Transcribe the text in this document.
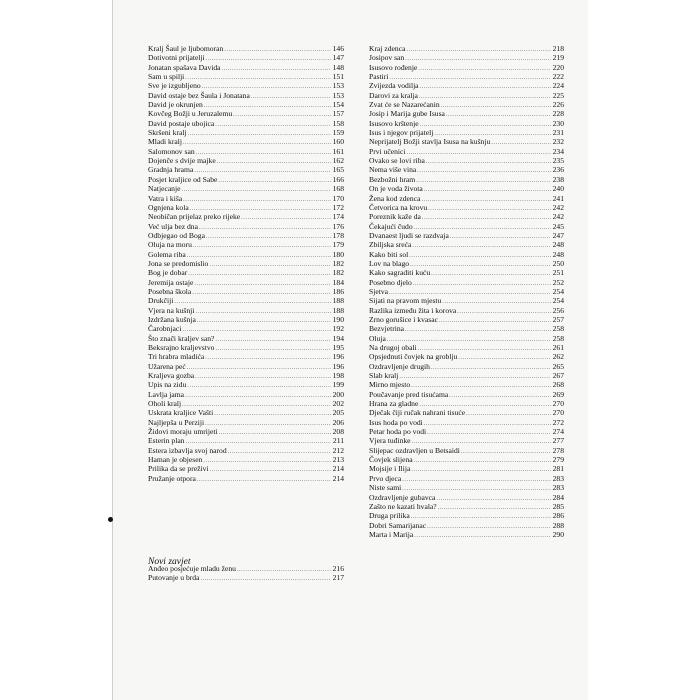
Kralj Šaul je ljubomoran .....	146
Dotivotni prijatelji .....	147
Jonatan spašava Davida .....	148
Sam u spilji .....	151
Sve je izgubljeno .....	153
David ostaje bez Šaula i Jonatana .....	153
David je okrunjen .....	154
Kovčeg Božji u Jeruzalemu .....	157
David postaje ubojica .....	158
Skršeni kralj .....	159
Mladi kralj .....	160
Salomonov san .....	161
Dojenče s dvije majke .....	162
Gradnja hrama .....	165
Posjet kraljice od Sabe .....	166
Natjecanje .....	168
Vatra i kiša .....	170
Ognjena kola .....	172
Neobičan prijelaz preko rijeke .....	174
Već ulja bez dna .....	176
Odbjegao od Boga .....	178
Oluja na moru .....	179
Golema riba .....	180
Jona se predomislio .....	182
Bog je dobar .....	182
Jeremija ostaje .....	184
Posebna škola .....	186
Drukčiji .....	188
Vjera na kušnji .....	188
Izdržana kušnja .....	190
Čarobnjaci .....	192
Što znači kraljev san? .....	194
Beksrajno kraljevstvo .....	195
Tri hrabra mladića .....	196
Užarena peć .....	196
Kraljeva gozba .....	198
Upis na zidu .....	199
Lavlja jama .....	200
Oholi kralj .....	202
Uskrata kraljice Vašti .....	205
Najljepša u Perziji .....	206
Židovi moraju umrijeti .....	208
Esterin plan .....	211
Estera izbavlja svoj narod .....	212
Haman je objesen .....	213
Prilika da se preživi .....	214
Pružanje otpora .....	214
Novi zavjet
Anđeo posjećuje mladu ženu .....	216
Putovanje u brda .....	217
Kraj zdenca .....	218
Josipov san .....	219
Isusovo rođenje .....	220
Pastiri .....	222
Zvijezda vodilja .....	224
Darovi za kralja .....	225
Zvat će se Nazarećanin .....	226
Josip i Marija gube Isusa .....	228
Isusovo krštenje .....	230
Isus i njegov prijatelj .....	231
Neprijatelj Božji stavlja Isusa na kušnju .....	232
Prvi učenici .....	234
Ovako se lovi riba .....	235
Nema više vina .....	236
Bezbožni hram .....	238
On je voda života .....	240
Žena kod zdenca .....	241
Četvorica na krovu .....	242
Poreznik kaže da .....	242
Čekajući čudo .....	245
Dvanaest ljudi se razdvaja .....	247
Zbiljska sreća .....	248
Kako biti sol .....	248
Lov na blago .....	250
Kako sagraditi kuću .....	251
Posebno djelo .....	252
Sjetva .....	254
Sijati na pravom mjestu .....	254
Razlika između žita i korova .....	256
Zrno gorušice i kvasac .....	257
Bezvjetrina .....	258
Oluja .....	258
Na drugoj obali .....	261
Opsjednuti čovjek na groblju .....	262
Ozdravljenje drugih .....	265
Slab kralj .....	267
Mirno mjesto .....	268
Poučavanje pred tisućama .....	269
Hrana za gladne .....	270
Dječak čiji ručak nahrani tisuće .....	270
Isus hoda po vodi .....	272
Petar hoda po vodi .....	274
Vjera tuđinke .....	277
Slijepac ozdravljen u Betsaidi .....	278
Čovjek slijena .....	279
Mojsije i Ilija .....	281
Prvo djeca .....	283
Niste sami .....	283
Ozdravljenje gubavca .....	284
Zašto ne kazati hvala? .....	285
Druga prilika .....	286
Dobri Samarijanac .....	288
Marta i Marija .....	290
